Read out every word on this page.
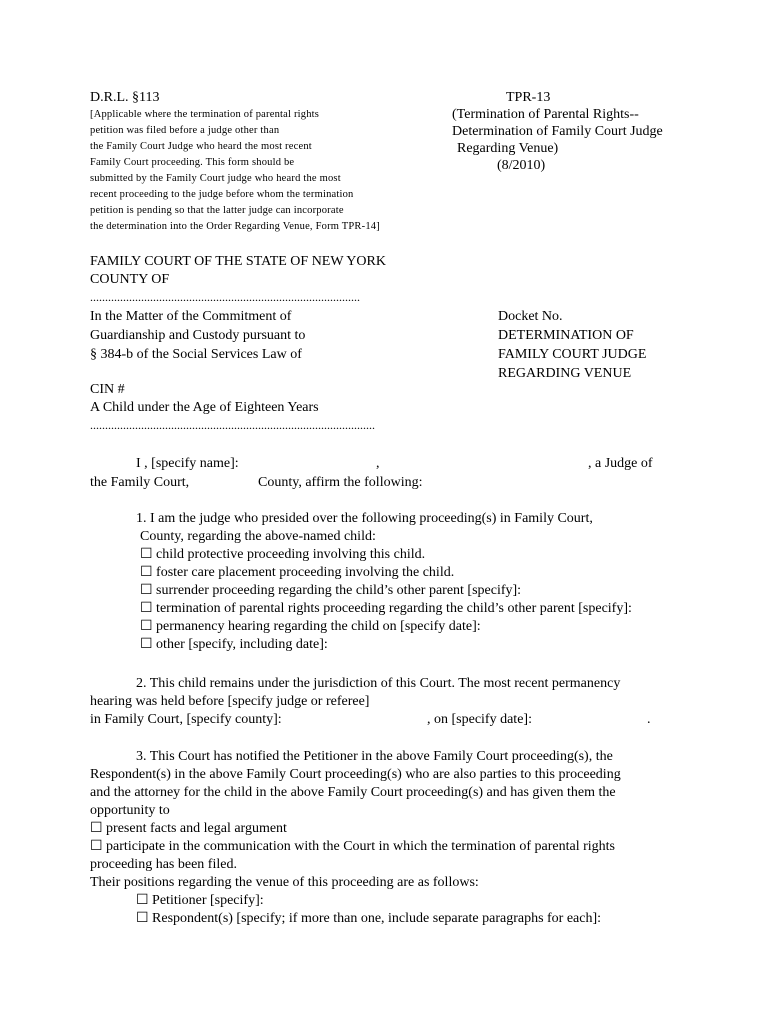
D.R.L. §113
[Applicable where the termination of parental rights
petition was filed before a judge other than
the Family Court Judge who heard the most recent
Family Court proceeding. This form should be
submitted by the Family Court judge who heard the most
recent proceeding to the judge before whom the termination
petition is pending so that the latter judge can incorporate
the determination into the Order Regarding Venue, Form TPR-14]
TPR-13
(Termination of Parental Rights--
Determination of Family Court Judge
Regarding Venue)
(8/2010)
FAMILY COURT OF THE STATE OF NEW YORK
COUNTY OF
..........................................................................................
In the Matter of the Commitment of
Guardianship and Custody pursuant to
§ 384-b of the Social Services Law of
CIN #
A Child under the Age of Eighteen Years
...............................................................................................
Docket No.
DETERMINATION OF
FAMILY COURT JUDGE
REGARDING VENUE
I , [specify name]:	,	, a Judge of
the Family Court,	County, affirm the following:
1. I am the judge who presided over the following proceeding(s) in Family Court,
County, regarding the above-named child:
☐ child protective proceeding involving this child.
☐ foster care placement proceeding involving the child.
☐ surrender proceeding regarding the child’s other parent [specify]:
☐ termination of parental rights proceeding regarding the child’s other parent [specify]:
☐ permanency hearing regarding the child on [specify date]:
☐ other [specify, including date]:
2. This child remains under the jurisdiction of this Court. The most recent permanency
hearing was held before [specify judge or referee]
in Family Court, [specify county]:	, on [specify date]:	.
3. This Court has notified the Petitioner in the above Family Court proceeding(s), the
Respondent(s) in the above Family Court proceeding(s) who are also parties to this proceeding
and the attorney for the child in the above Family Court proceeding(s) and has given them the
opportunity to
☐ present facts and legal argument
☐ participate in the communication with the Court in which the termination of parental rights
proceeding has been filed.
Their positions regarding the venue of this proceeding are as follows:
☐ Petitioner [specify]:
☐ Respondent(s) [specify; if more than one, include separate paragraphs for each]:
